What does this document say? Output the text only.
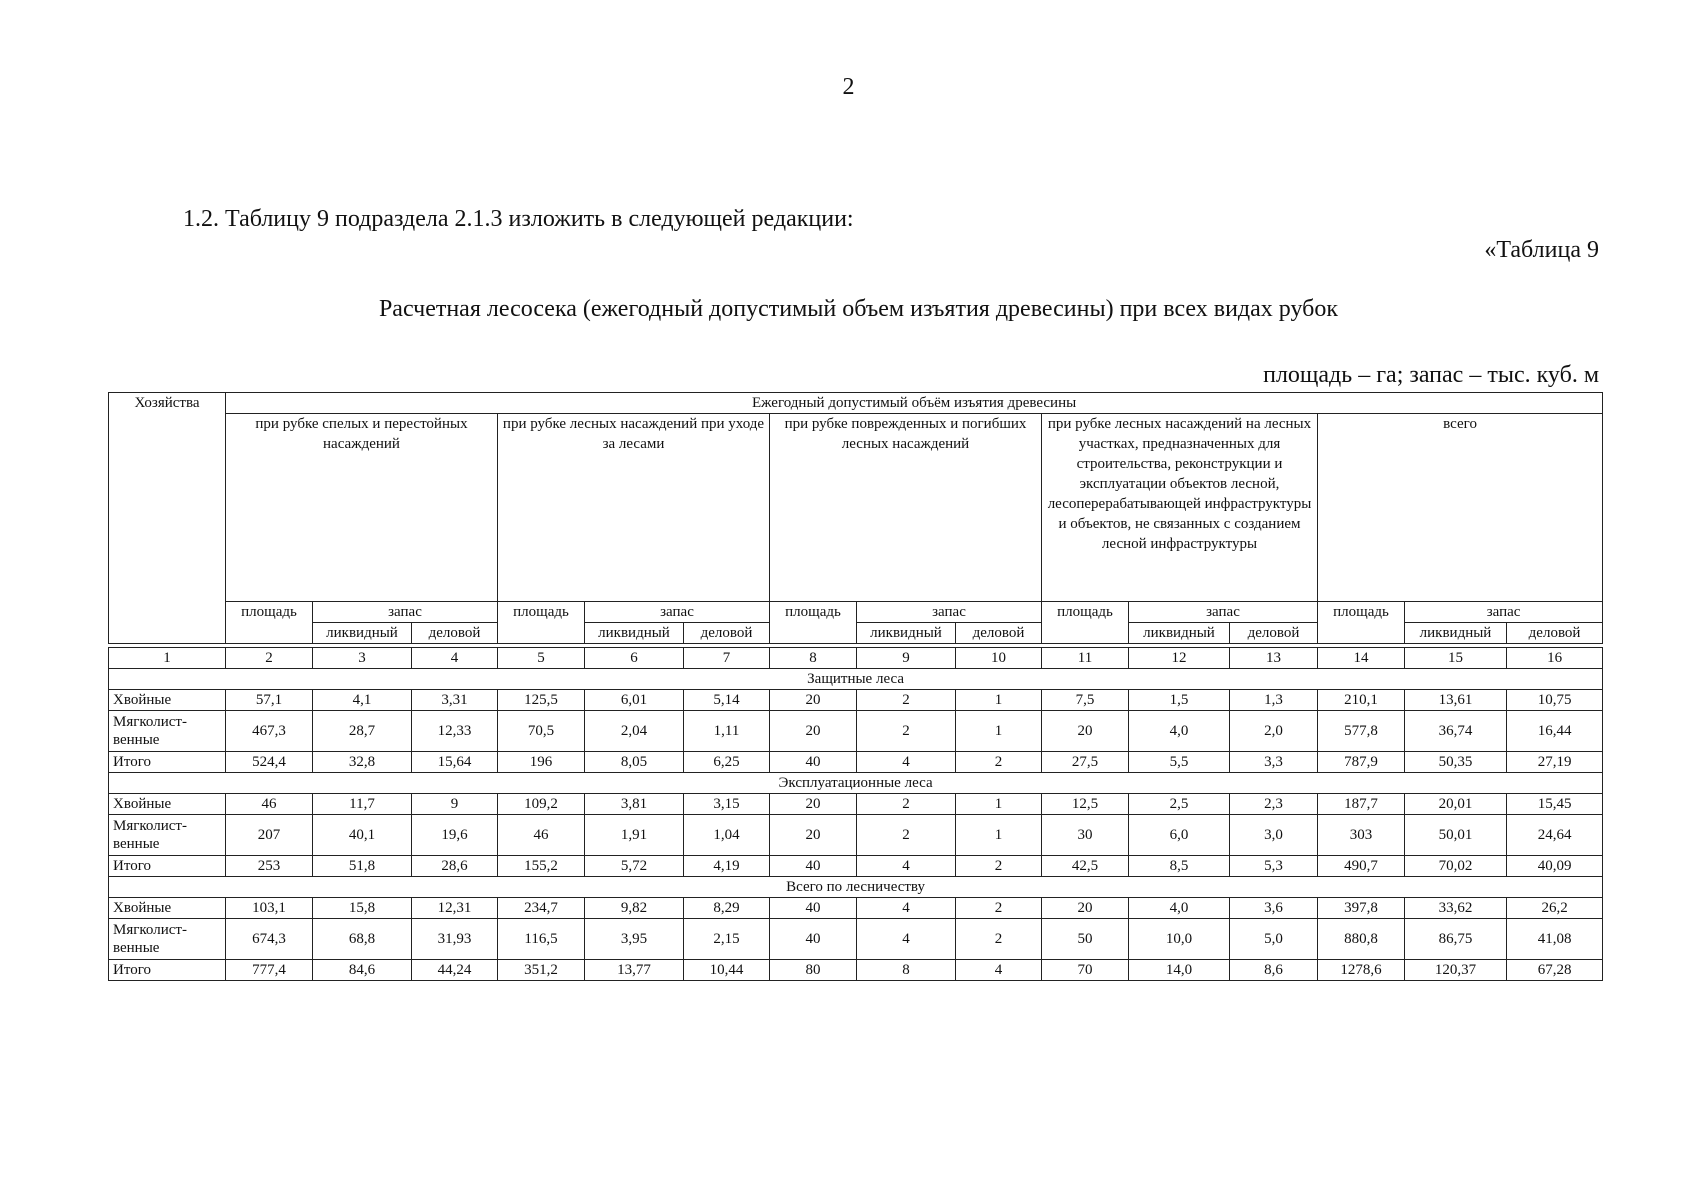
2
1.2. Таблицу 9 подраздела 2.1.3 изложить в следующей редакции:
«Таблица 9
Расчетная лесосека (ежегодный допустимый объем изъятия древесины) при всех видах рубок
площадь – га; запас – тыс. куб. м
Хозяйства	Ежегодный допустимый объём изъятия древесины														
	при рубке спелых и перестойных насаждений			при рубке лесных насаждений при уходе за лесами			при рубке поврежденных и погибших лесных насаждений			при рубке лесных насаждений на лесных участках, предназначенных для строительства, реконструкции и эксплуатации объектов лесной, лесоперерабатывающей инфраструктуры и объектов, не связанных с созданием лесной инфраструктуры			всего		
	площадь	запас		площадь	запас		площадь	запас		площадь	запас		площадь	запас	
		ликвидный	деловой		ликвидный	деловой		ликвидный	деловой		ликвидный	деловой		ликвидный	деловой

1	2	3	4	5	6	7	8	9	10	11	12	13	14	15	16
Защитные леса															
Хвойные	57,1	4,1	3,31	125,5	6,01	5,14	20	2	1	7,5	1,5	1,3	210,1	13,61	10,75
Мягколист-венные	467,3	28,7	12,33	70,5	2,04	1,11	20	2	1	20	4,0	2,0	577,8	36,74	16,44
Итого	524,4	32,8	15,64	196	8,05	6,25	40	4	2	27,5	5,5	3,3	787,9	50,35	27,19
Эксплуатационные леса															
Хвойные	46	11,7	9	109,2	3,81	3,15	20	2	1	12,5	2,5	2,3	187,7	20,01	15,45
Мягколист-венные	207	40,1	19,6	46	1,91	1,04	20	2	1	30	6,0	3,0	303	50,01	24,64
Итого	253	51,8	28,6	155,2	5,72	4,19	40	4	2	42,5	8,5	5,3	490,7	70,02	40,09
Всего по лесничеству															
Хвойные	103,1	15,8	12,31	234,7	9,82	8,29	40	4	2	20	4,0	3,6	397,8	33,62	26,2
Мягколист-венные	674,3	68,8	31,93	116,5	3,95	2,15	40	4	2	50	10,0	5,0	880,8	86,75	41,08
Итого	777,4	84,6	44,24	351,2	13,77	10,44	80	8	4	70	14,0	8,6	1278,6	120,37	67,28
